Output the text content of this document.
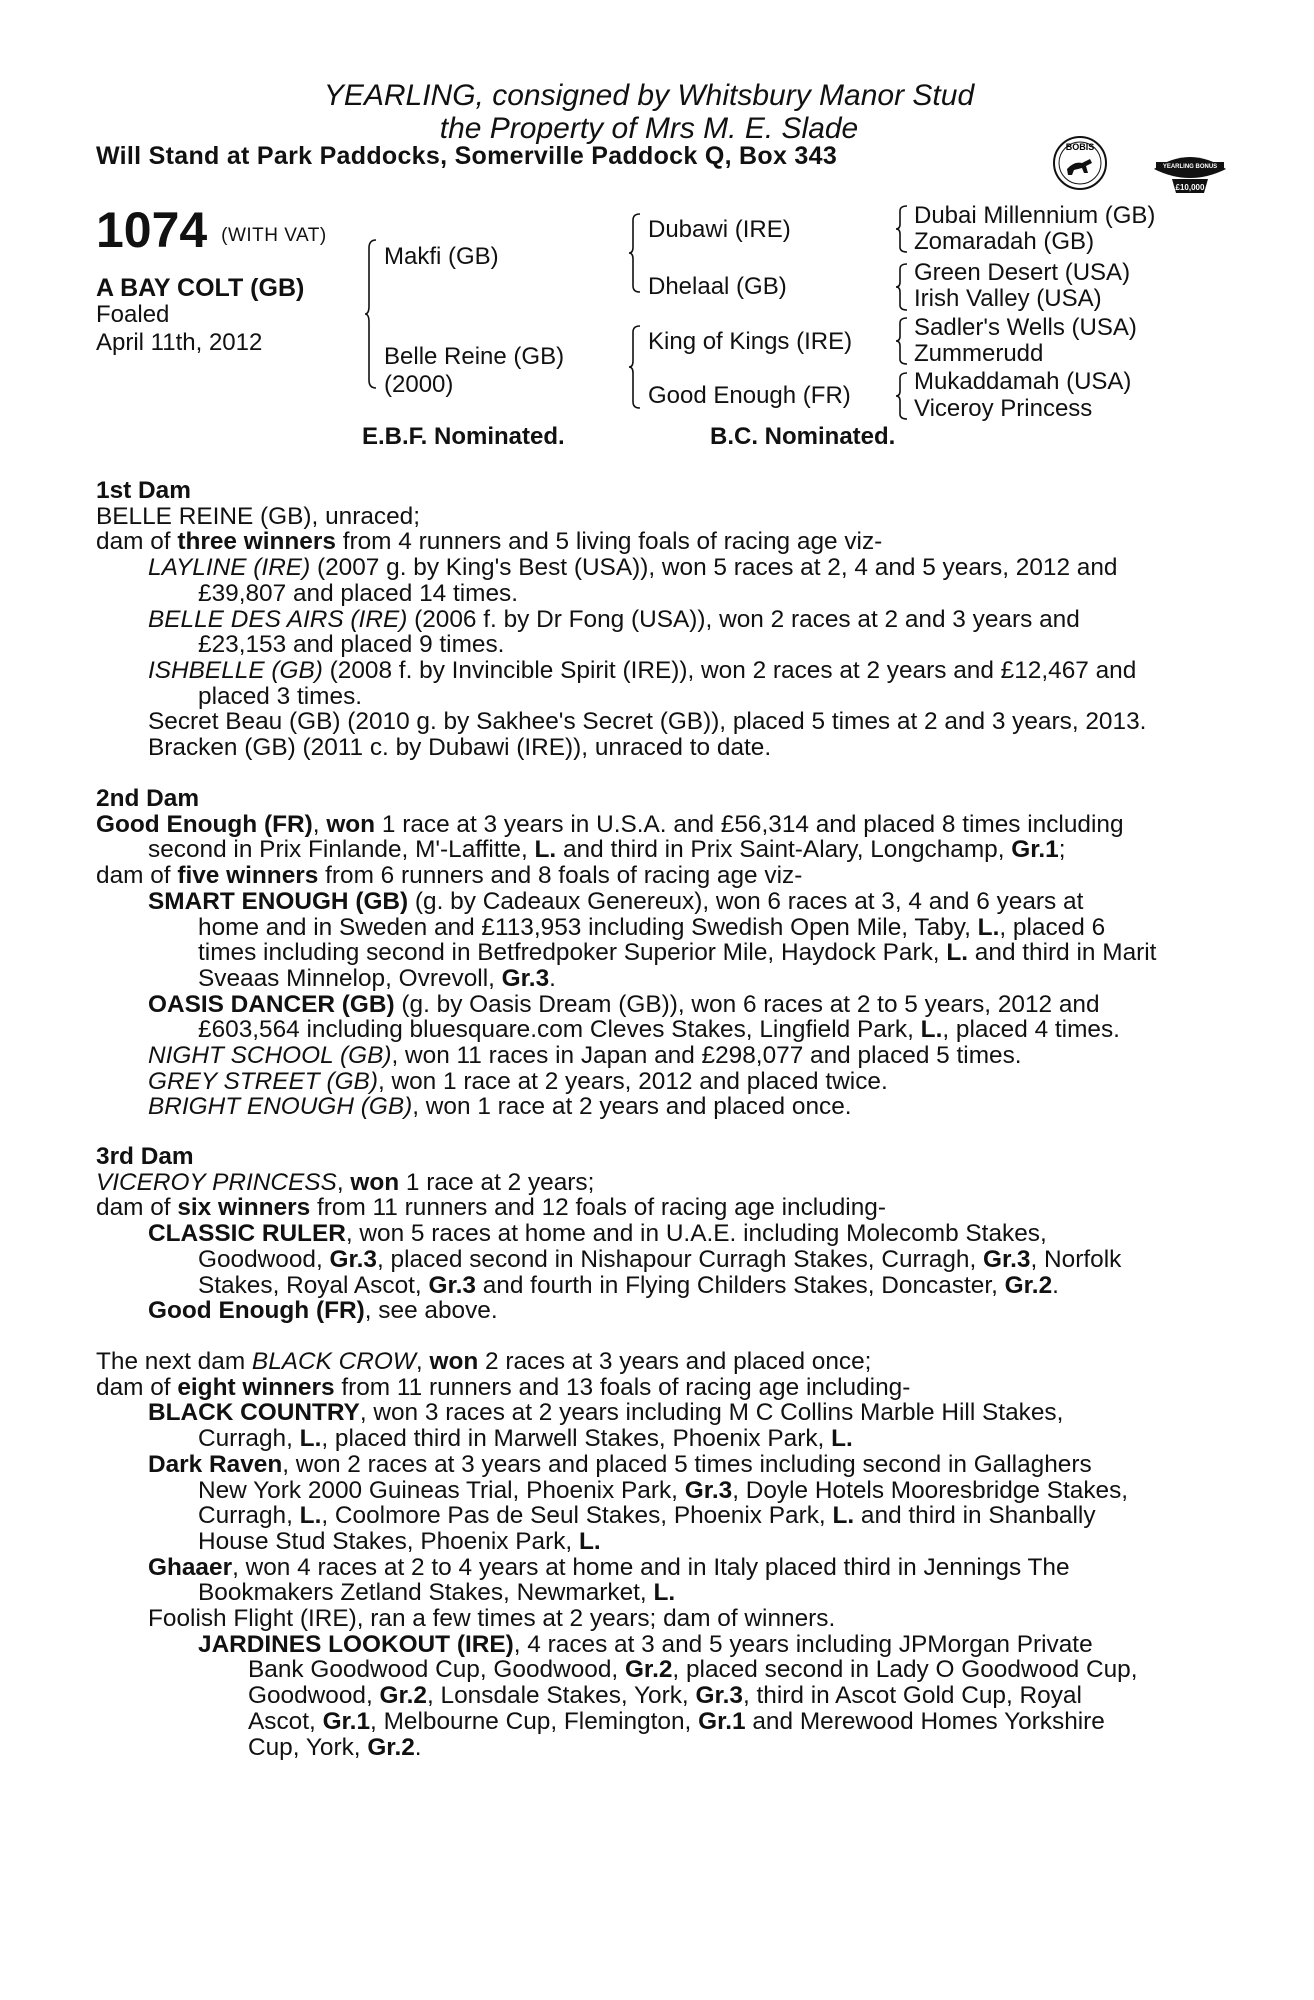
YEARLING, consigned by Whitsbury Manor Stud
the Property of Mrs M. E. Slade
Will Stand at Park Paddocks, Somerville Paddock Q, Box 343	BOBIS
RACING POST
YEARLING BONUS
£10,000
1074 (WITH VAT)
A BAY COLT (GB)
Foaled
April 11th, 2012
Makfi (GB)
Belle Reine (GB)
(2000)
Dubawi (IRE)
Dhelaal (GB)
King of Kings (IRE)
Good Enough (FR)
Dubai Millennium (GB)
Zomaradah (GB)
Green Desert (USA)
Irish Valley (USA)
Sadler's Wells (USA)
Zummerudd
Mukaddamah (USA)
Viceroy Princess
E.B.F. Nominated.	B.C. Nominated.

1st Dam

BELLE REINE (GB), unraced;

dam of three winners from 4 runners and 5 living foals of racing age viz-

LAYLINE (IRE) (2007 g. by King's Best (USA)), won 5 races at 2, 4 and 5 years, 2012 and

£39,807 and placed 14 times.

BELLE DES AIRS (IRE) (2006 f. by Dr Fong (USA)), won 2 races at 2 and 3 years and

£23,153 and placed 9 times.

ISHBELLE (GB) (2008 f. by Invincible Spirit (IRE)), won 2 races at 2 years and £12,467 and

placed 3 times.

Secret Beau (GB) (2010 g. by Sakhee's Secret (GB)), placed 5 times at 2 and 3 years, 2013.

Bracken (GB) (2011 c. by Dubawi (IRE)), unraced to date.

2nd Dam

Good Enough (FR), won 1 race at 3 years in U.S.A. and £56,314 and placed 8 times including

second in Prix Finlande, M'-Laffitte, L. and third in Prix Saint-Alary, Longchamp, Gr.1;

dam of five winners from 6 runners and 8 foals of racing age viz-

SMART ENOUGH (GB) (g. by Cadeaux Genereux), won 6 races at 3, 4 and 6 years at

home and in Sweden and £113,953 including Swedish Open Mile, Taby, L., placed 6

times including second in Betfredpoker Superior Mile, Haydock Park, L. and third in Marit

Sveaas Minnelop, Ovrevoll, Gr.3.

OASIS DANCER (GB) (g. by Oasis Dream (GB)), won 6 races at 2 to 5 years, 2012 and

£603,564 including bluesquare.com Cleves Stakes, Lingfield Park, L., placed 4 times.

NIGHT SCHOOL (GB), won 11 races in Japan and £298,077 and placed 5 times.

GREY STREET (GB), won 1 race at 2 years, 2012 and placed twice.

BRIGHT ENOUGH (GB), won 1 race at 2 years and placed once.

3rd Dam

VICEROY PRINCESS, won 1 race at 2 years;

dam of six winners from 11 runners and 12 foals of racing age including-

CLASSIC RULER, won 5 races at home and in U.A.E. including Molecomb Stakes,

Goodwood, Gr.3, placed second in Nishapour Curragh Stakes, Curragh, Gr.3, Norfolk

Stakes, Royal Ascot, Gr.3 and fourth in Flying Childers Stakes, Doncaster, Gr.2.

Good Enough (FR), see above.

The next dam BLACK CROW, won 2 races at 3 years and placed once;

dam of eight winners from 11 runners and 13 foals of racing age including-

BLACK COUNTRY, won 3 races at 2 years including M C Collins Marble Hill Stakes,

Curragh, L., placed third in Marwell Stakes, Phoenix Park, L.

Dark Raven, won 2 races at 3 years and placed 5 times including second in Gallaghers

New York 2000 Guineas Trial, Phoenix Park, Gr.3, Doyle Hotels Mooresbridge Stakes,

Curragh, L., Coolmore Pas de Seul Stakes, Phoenix Park, L. and third in Shanbally

House Stud Stakes, Phoenix Park, L.

Ghaaer, won 4 races at 2 to 4 years at home and in Italy placed third in Jennings The

Bookmakers Zetland Stakes, Newmarket, L.

Foolish Flight (IRE), ran a few times at 2 years; dam of winners.

JARDINES LOOKOUT (IRE), 4 races at 3 and 5 years including JPMorgan Private

Bank Goodwood Cup, Goodwood, Gr.2, placed second in Lady O Goodwood Cup,

Goodwood, Gr.2, Lonsdale Stakes, York, Gr.3, third in Ascot Gold Cup, Royal

Ascot, Gr.1, Melbourne Cup, Flemington, Gr.1 and Merewood Homes Yorkshire

Cup, York, Gr.2.
